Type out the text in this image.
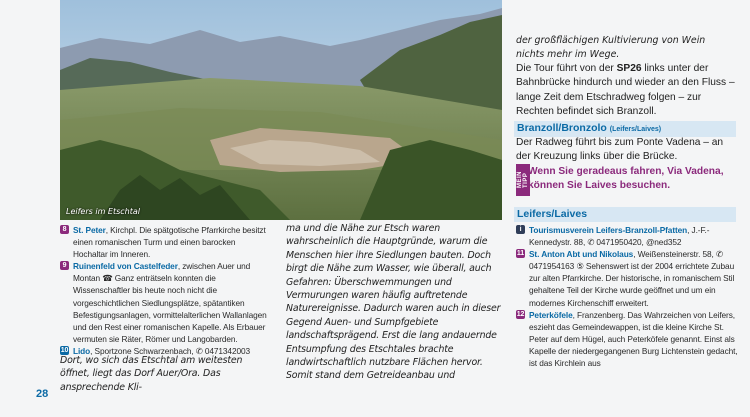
Leifers im Etschtal
8 St. Peter, Kirchpl. Die spätgotische Pfarrkirche besitzt einen romanischen Turm und einen barocken Hochaltar im Inneren.
9 Ruinenfeld von Castelfeder, zwischen Auer und Montan ☎ Ganz enträtseln konnten die Wissenschaftler bis heute noch nicht die vorgeschichtlichen Siedlungsplätze, spätantiken Befestigungsanlagen, vormittelalterlichen Wallanlagen und den Rest einer romanischen Kapelle. Als Erbauer vermuten sie Räter, Römer und Langobarden.
10 Lido, Sportzone Schwarzenbach, ✆ 0471342003
Dort, wo sich das Etschtal am weitesten öffnet, liegt das Dorf Auer/Ora. Das ansprechende Kli-
ma und die Nähe zur Etsch waren wahrscheinlich die Hauptgründe, warum die Menschen hier ihre Siedlungen bauten. Doch birgt die Nähe zum Wasser, wie überall, auch Gefahren: Überschwemmungen und Vermurungen waren häufig auftretende Naturereignisse. Dadurch waren auch in dieser Gegend Auen- und Sumpfgebiete landschaftsprägend. Erst die lang andauernde Entsumpfung des Etschtales brachte landwirtschaftlich nutzbare Flächen hervor. Somit stand dem Getreideanbau und
der großflächigen Kultivierung von Wein nichts mehr im Wege.
Die Tour führt von der SP26 links unter der Bahnbrücke hindurch und wieder an den Fluss – lange Zeit dem Etschradweg folgen – zur Rechten befindet sich Branzoll.
Branzoll/Bronzolo (Leifers/Laives)
Der Radweg führt bis zum Ponte Vadena – an der Kreuzung links über die Brücke.
MEIN TIPP
Wenn Sie geradeaus fahren, Via Vadena, können Sie Laives besuchen.
Leifers/Laives
i Tourismusverein Leifers-Branzoll-Pfatten, J.-F.-Kennedystr. 88, ✆ 0471950420, @ned352
11 St. Anton Abt und Nikolaus, Weißensteinerstr. 58, ✆ 0471954163 ⑤ Sehenswert ist der 2004 errichtete Zubau zur alten Pfarrkirche. Der historische, in romanischem Stil gehaltene Teil der Kirche wurde geöffnet und um ein modernes Kirchenschiff erweitert.
12 Peterköfele, Franzenberg. Das Wahrzeichen von Leifers, eszieht das Gemeindewappen, ist die kleine Kirche St. Peter auf dem Hügel, auch Peterköfele genannt. Einst als Kapelle der niedergegangenen Burg Lichtenstein gedacht, ist das Kirchlein aus
28
